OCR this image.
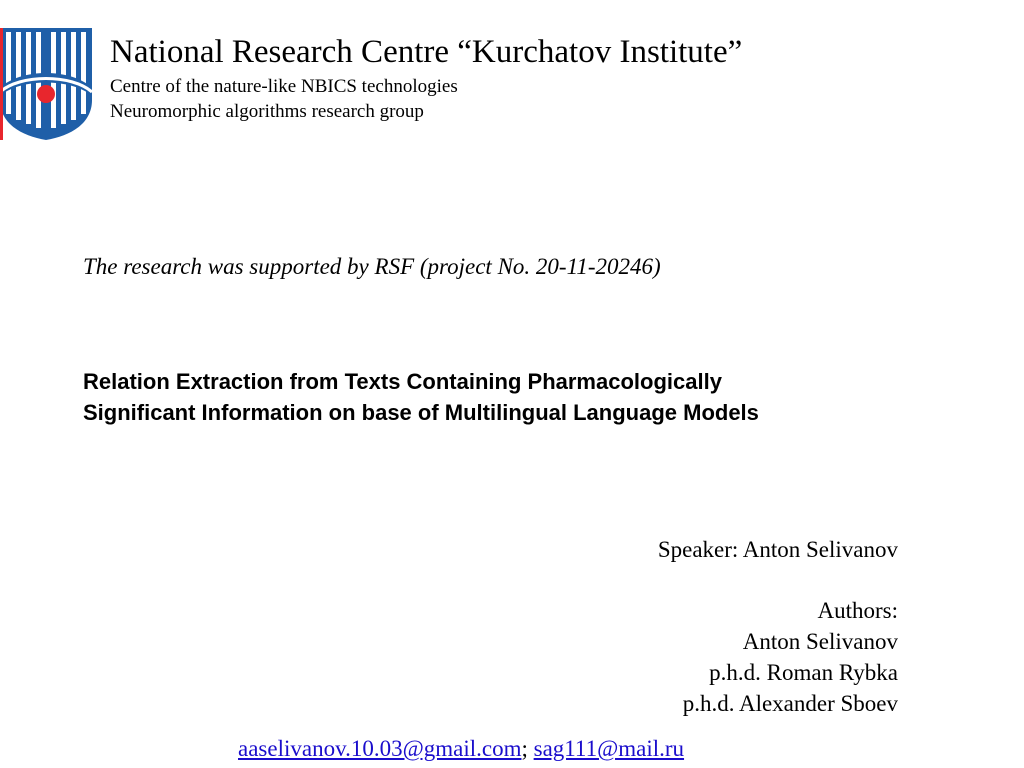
National Research Centre “Kurchatov Institute”
Centre of the nature-like NBICS technologies
Neuromorphic algorithms research group
The research was supported by RSF (project No. 20-11-20246)
Relation Extraction from Texts Containing Pharmacologically
Significant Information on base of Multilingual Language Models
Speaker: Anton Selivanov
Authors:
Anton Selivanov
p.h.d. Roman Rybka
p.h.d. Alexander Sboev
aaselivanov.10.03@gmail.com; sag111@mail.ru
